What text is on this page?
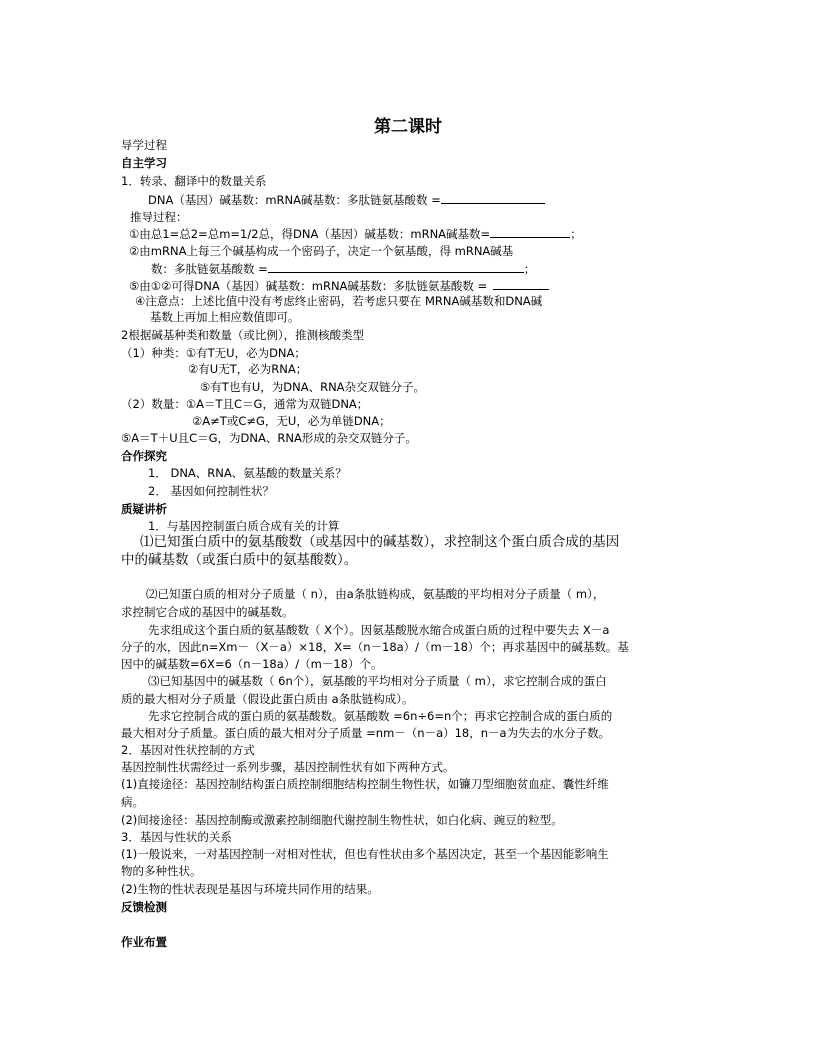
第二课时
导学过程
自主学习
1．转录、翻译中的数量关系
DNA（基因）碱基数：mRNA碱基数：多肽链氨基酸数 =
推导过程：
①由总1=总2=总m=1/2总，得DNA（基因）碱基数：mRNA碱基数=	；
②由mRNA上每三个碱基构成一个密码子，决定一个氨基酸，得 mRNA碱基
数：多肽链氨基酸数 =	；
⑤由①②可得DNA（基因）碱基数：mRNA碱基数：多肽链氨基酸数 =
④注意点：上述比值中没有考虑终止密码，若考虑只要在 MRNA碱基数和DNA碱
基数上再加上相应数值即可。
2根据碱基种类和数量（或比例），推测核酸类型
（1）种类：①有T无U，必为DNA；
②有U无T，必为RNA；
⑤有T也有U，为DNA、RNA杂交双链分子。
（2）数量：①A＝T且C＝G，通常为双链DNA；
②A≠T或C≠G，无U，必为单链DNA；
⑤A＝T＋U且C＝G，为DNA、RNA形成的杂交双链分子。
合作探究
1． DNA、RNA、氨基酸的数量关系？
2． 基因如何控制性状？
质疑讲析
1．与基因控制蛋白质合成有关的计算
⑴已知蛋白质中的氨基酸数（或基因中的碱基数），求控制这个蛋白质合成的基因
中的碱基数（或蛋白质中的氨基酸数）。
⑵已知蛋白质的相对分子质量（ n），由a条肽链构成，氨基酸的平均相对分子质量（ m），
求控制它合成的基因中的碱基数。
先求组成这个蛋白质的氨基酸数（ X个）。因氨基酸脱水缩合成蛋白质的过程中要失去 X－a
分子的水，因此n=Xm－（X－a）×18，X=（n－18a）/（m－18）个；再求基因中的碱基数。基
因中的碱基数=6X=6（n－18a）/（m－18）个。
⑶已知基因中的碱基数（ 6n个），氨基酸的平均相对分子质量（ m），求它控制合成的蛋白
质的最大相对分子质量（假设此蛋白质由 a条肽链构成）。
先求它控制合成的蛋白质的氨基酸数。氨基酸数 =6n÷6=n个；再求它控制合成的蛋白质的
最大相对分子质量。蛋白质的最大相对分子质量 =nm－（n－a）18，n－a为失去的水分子数。
2．基因对性状控制的方式
基因控制性状需经过一系列步骤，基因控制性状有如下两种方式。
(1)直接途径：基因控制结构蛋白质控制细胞结构控制生物性状，如镰刀型细胞贫血症、囊性纤维
病。
(2)间接途径：基因控制酶或激素控制细胞代谢控制生物性状，如白化病、豌豆的粒型。
3．基因与性状的关系
(1)一般说来，一对基因控制一对相对性状，但也有性状由多个基因决定，甚至一个基因能影响生
物的多种性状。
(2)生物的性状表现是基因与环境共同作用的结果。
反馈检测
作业布置
